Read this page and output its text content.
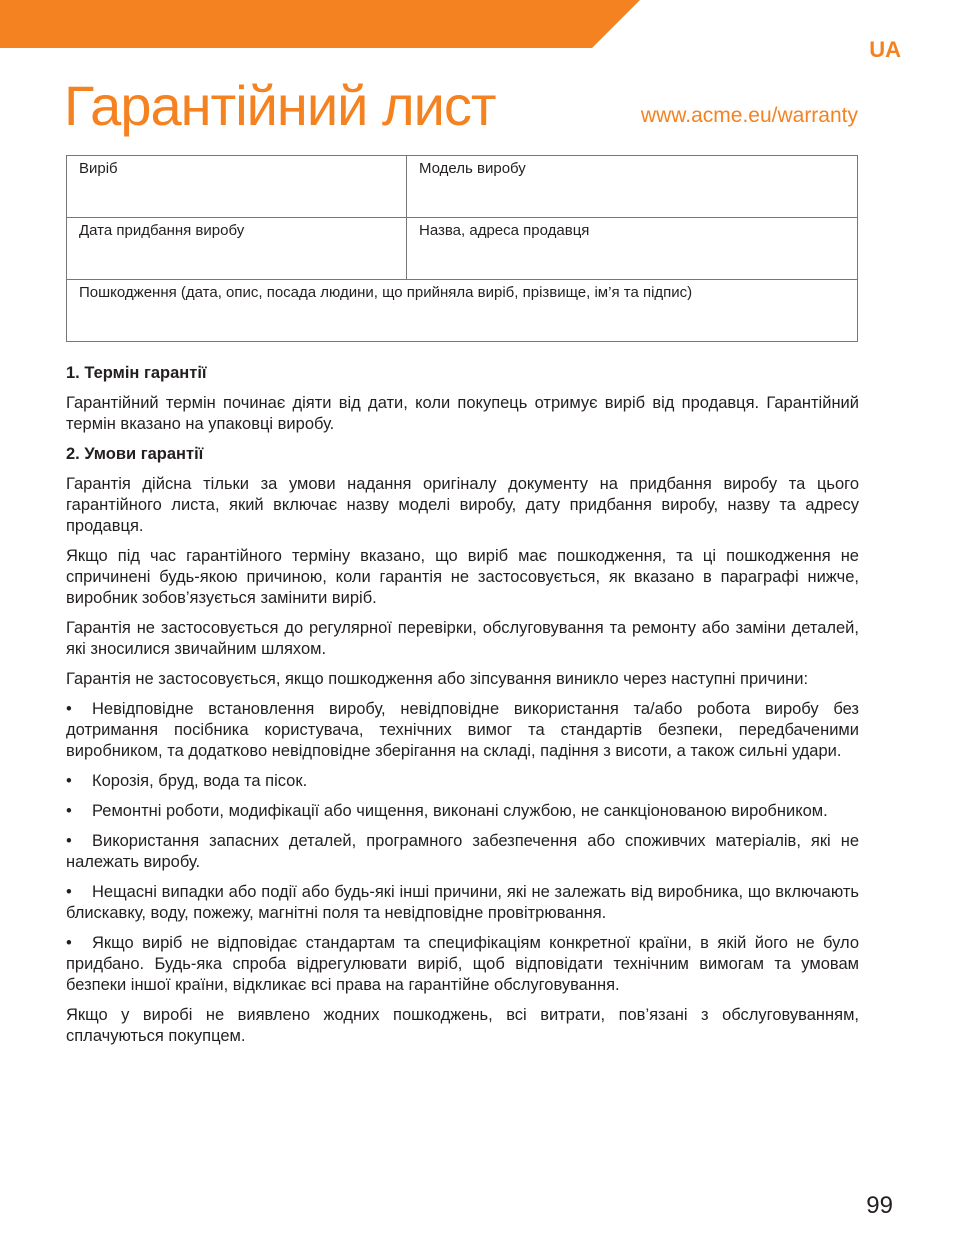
UA
Гарантійний лист	www.acme.eu/warranty
Виріб	Модель виробу
Дата придбання виробу	Назва, адреса продавця
Пошкодження (дата, опис, посада людини, що прийняла виріб, прізвище, ім’я та підпис)
1. Термін гарантії

Гарантійний термін починає діяти від дати, коли покупець отримує виріб від продавця. Гарантійний термін вказано на упаковці виробу.

2. Умови гарантії

Гарантія дійсна тільки за умови надання оригіналу документу на придбання виробу та цього гарантійного листа, який включає назву моделі виробу, дату придбання виробу, назву та адресу продавця.

Якщо під час гарантійного терміну вказано, що виріб має пошкодження, та ці пошкодження не спричинені будь-якою причиною, коли гарантія не застосовується, як вказано в параграфі нижче, виробник зобов’язується замінити виріб.

Гарантія не застосовується до регулярної перевірки, обслуговування та ремонту або заміни деталей, які зносилися звичайним шляхом.

Гарантія не застосовується, якщо пошкодження або зіпсування виникло через наступні причини:

• Невідповідне встановлення виробу, невідповідне використання та/або робота виробу без дотримання посібника користувача, технічних вимог та стандартів безпеки, передбаченими виробником, та додатково невідповідне зберігання на складі, падіння з висоти, а також сильні удари.
• Корозія, бруд, вода та пісок.
• Ремонтні роботи, модифікації або чищення, виконані службою, не санкціонованою виробником.
• Використання запасних деталей, програмного забезпечення або споживчих матеріалів, які не належать виробу.
• Нещасні випадки або події або будь-які інші причини, які не залежать від виробника, що включають блискавку, воду, пожежу, магнітні поля та невідповідне провітрювання.
• Якщо виріб не відповідає стандартам та специфікаціям конкретної країни, в якій його не було придбано. Будь-яка спроба відрегулювати виріб, щоб відповідати технічним вимогам та умовам безпеки іншої країни, відкликає всі права на гарантійне обслуговування.

Якщо у виробі не виявлено жодних пошкоджень, всі витрати, пов’язані з обслуговуванням, сплачуються покупцем.

99
